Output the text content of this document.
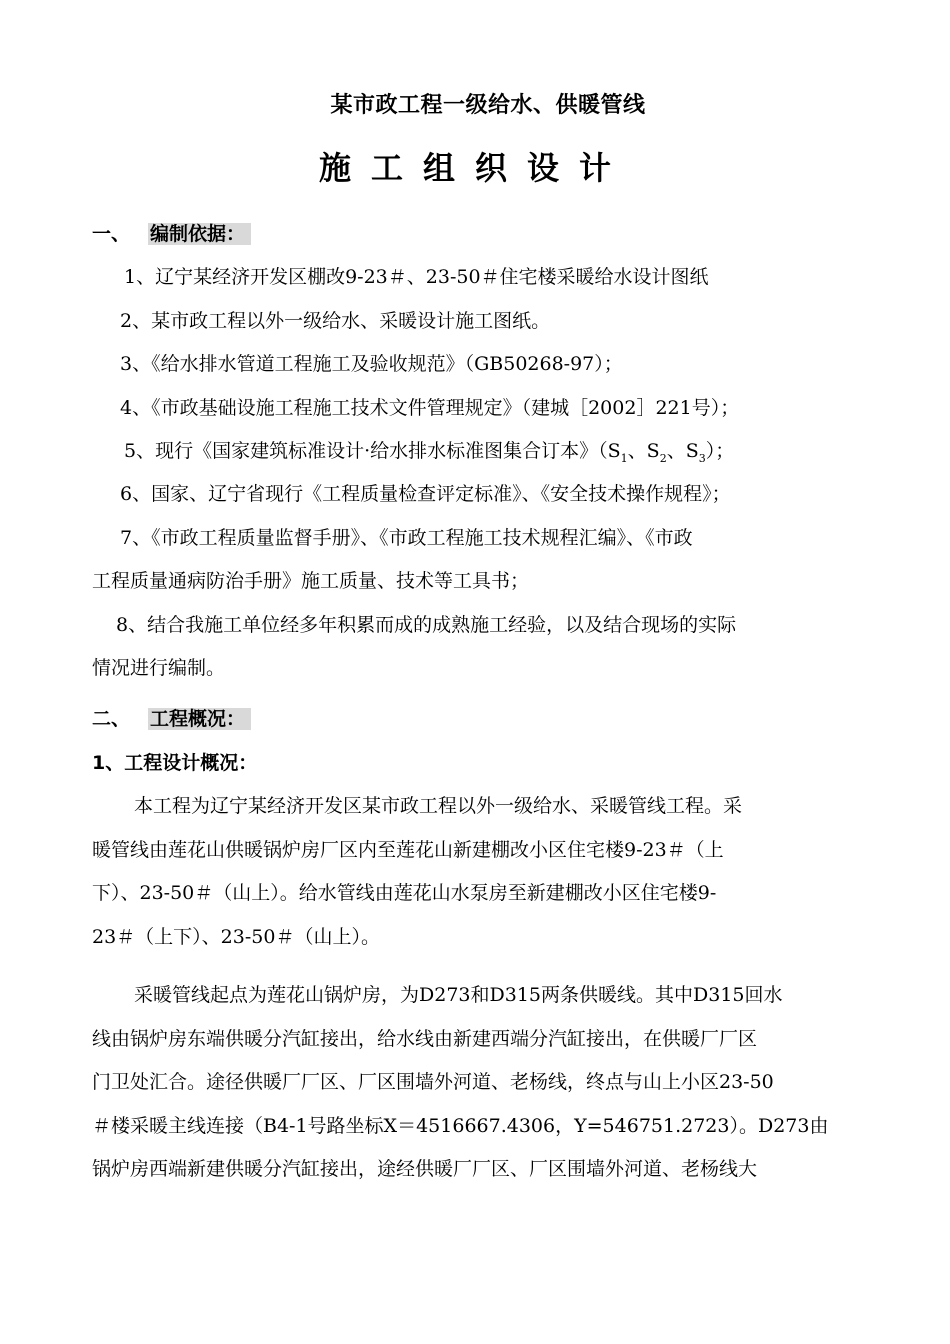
某市政工程一级给水、供暖管线
施工组织设计
一、 编制依据：
1、辽宁某经济开发区棚改9-23＃、23-50＃住宅楼采暖给水设计图纸
2、某市政工程以外一级给水、采暖设计施工图纸。
3、《给水排水管道工程施工及验收规范》（GB50268-97）；
4、《市政基础设施工程施工技术文件管理规定》（建城［2002］221号）；
5、现行《国家建筑标准设计·给水排水标准图集合订本》（$S_1$、$S_2$、$S_3$）；
6、国家、辽宁省现行《工程质量检查评定标准》、《安全技术操作规程》；
7、《市政工程质量监督手册》、《市政工程施工技术规程汇编》、《市政
工程质量通病防治手册》施工质量、技术等工具书；
8、结合我施工单位经多年积累而成的成熟施工经验，以及结合现场的实际
情况进行编制。
二、 工程概况：
1、工程设计概况：
本工程为辽宁某经济开发区某市政工程以外一级给水、采暖管线工程。采
暖管线由莲花山供暖锅炉房厂区内至莲花山新建棚改小区住宅楼9-23＃（上
下）、23-50＃（山上）。给水管线由莲花山水泵房至新建棚改小区住宅楼9-
23＃（上下）、23-50＃（山上）。
采暖管线起点为莲花山锅炉房，为D273和D315两条供暖线。其中D315回水
线由锅炉房东端供暖分汽缸接出，给水线由新建西端分汽缸接出，在供暖厂厂区
门卫处汇合。途径供暖厂厂区、厂区围墙外河道、老杨线，终点与山上小区23-50
＃楼采暖主线连接（B4-1号路坐标X＝4516667.4306，Y=546751.2723）。D273由
锅炉房西端新建供暖分汽缸接出，途经供暖厂厂区、厂区围墙外河道、老杨线大
